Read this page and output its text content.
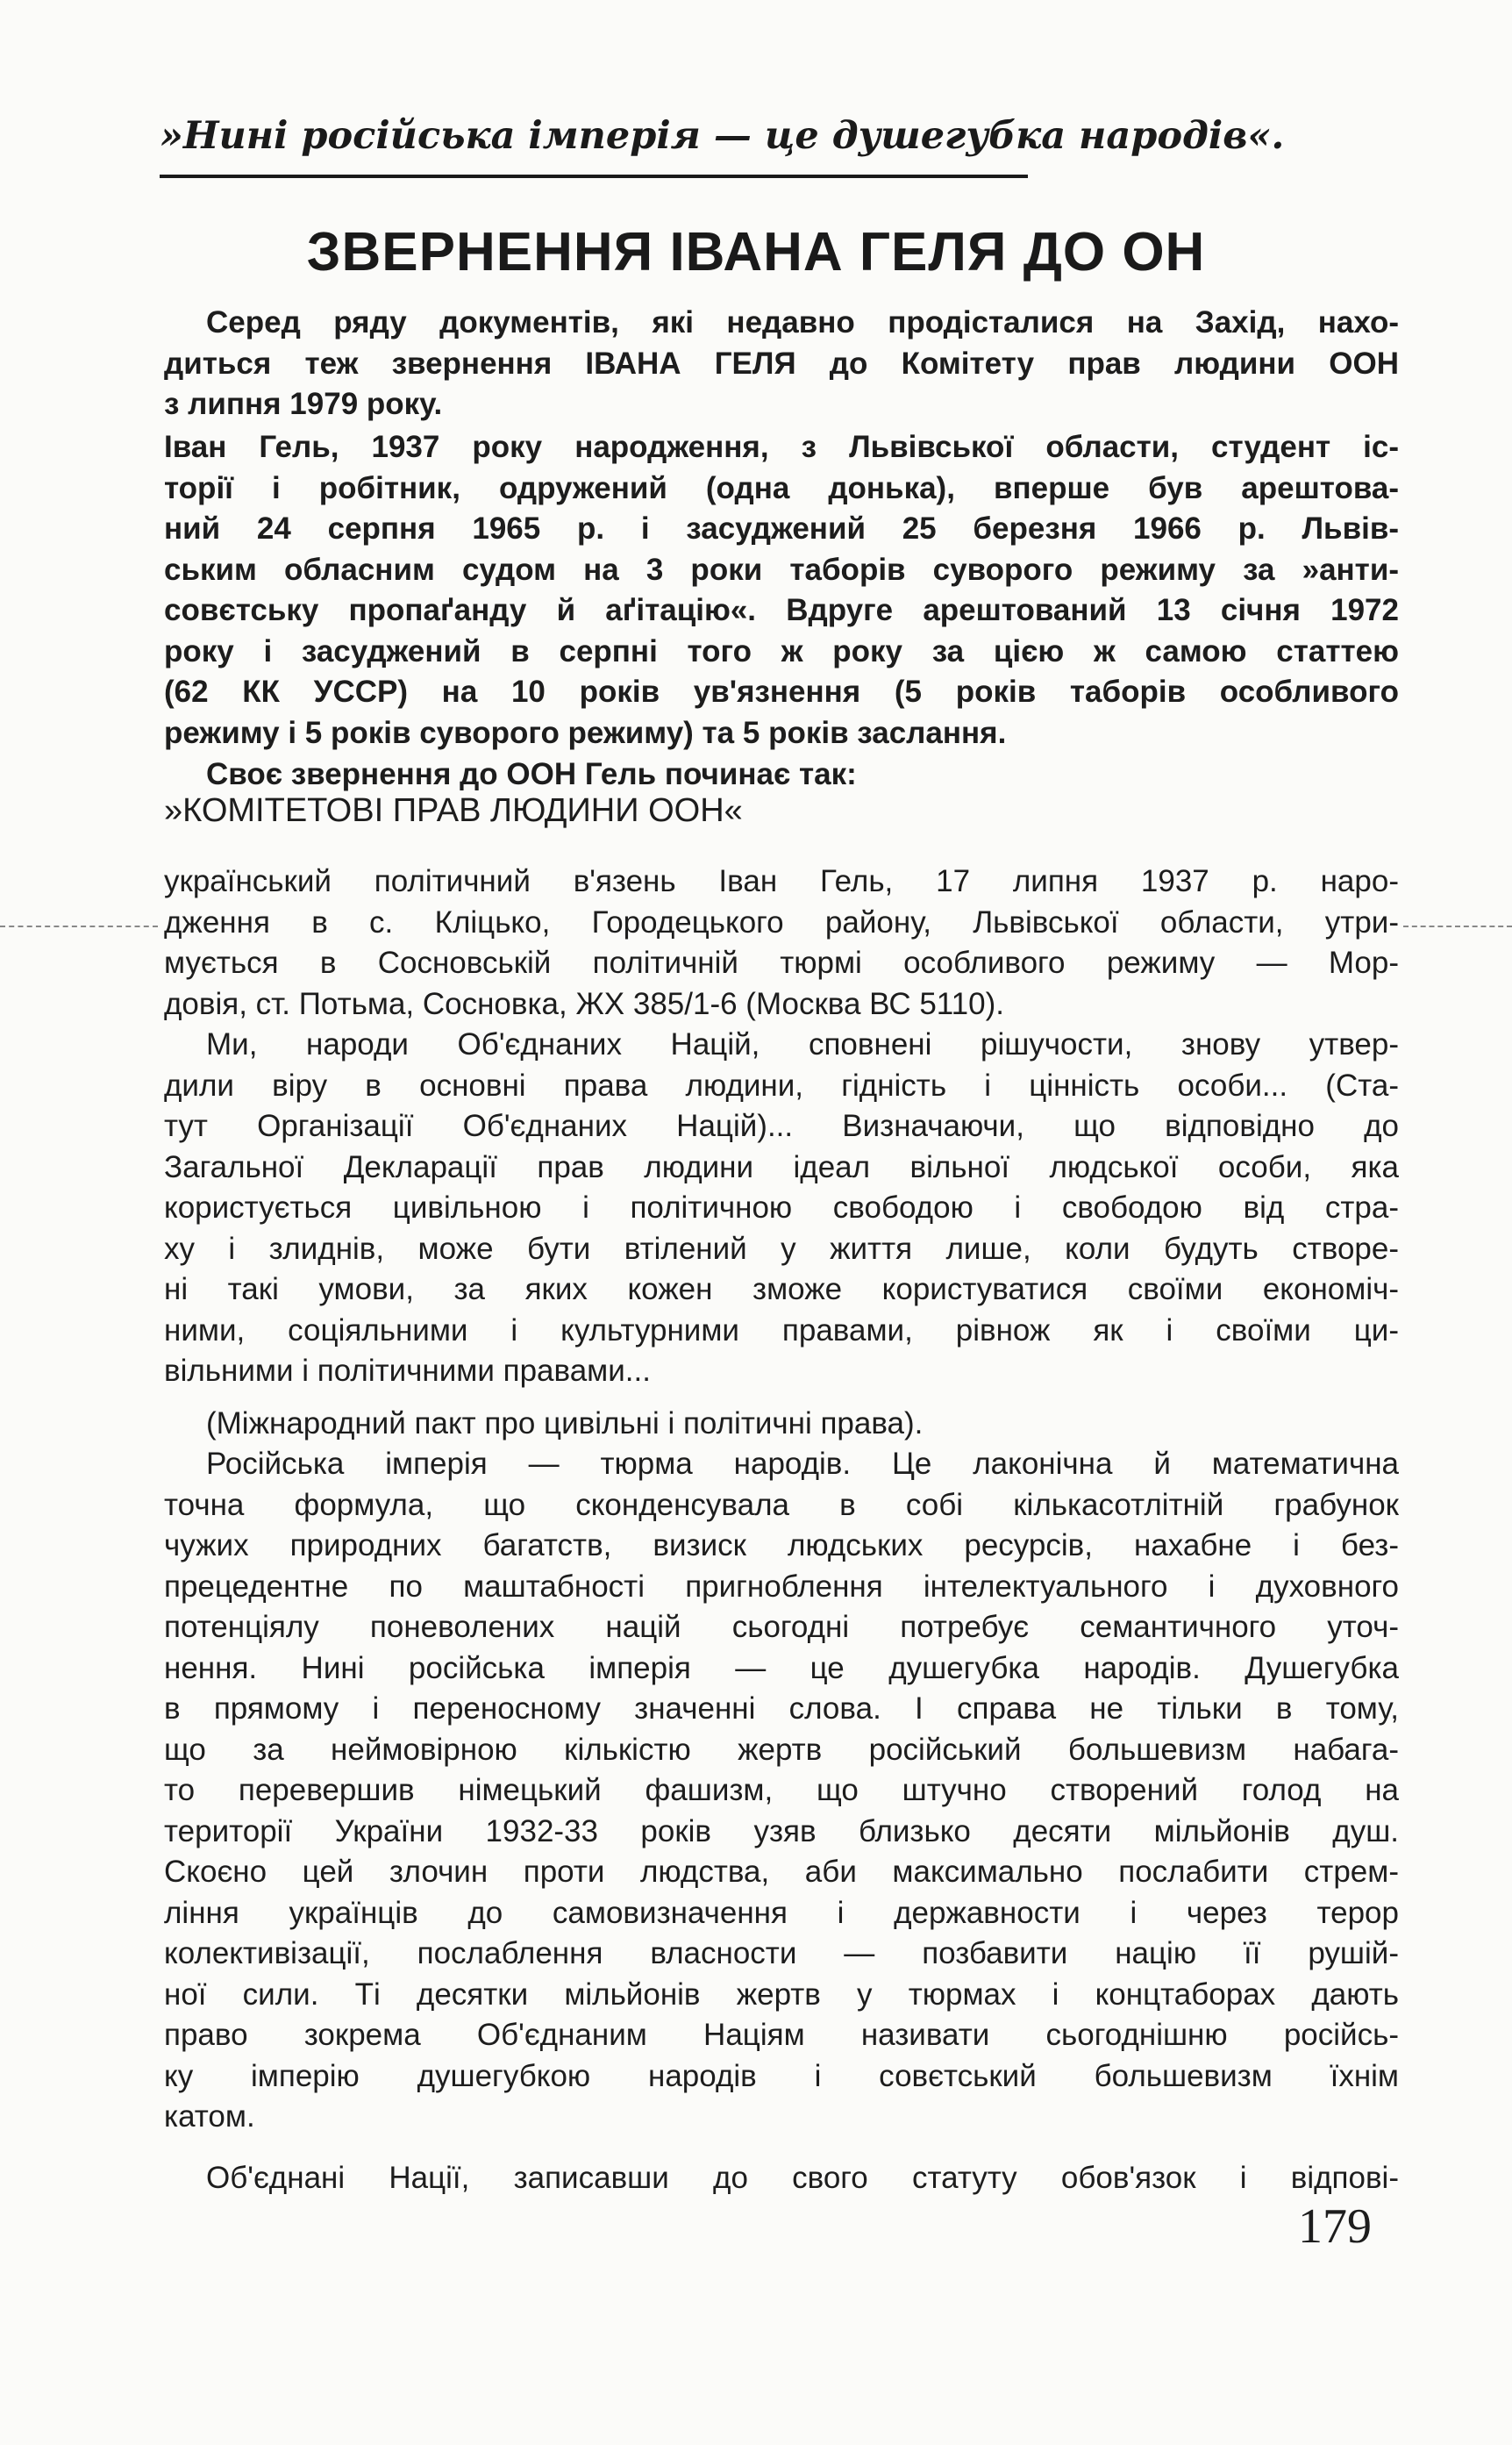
»Нині російська імперія — це душегубка народів«.
ЗВЕРНЕННЯ ІВАНА ГЕЛЯ ДО ОН
Серед ряду документів, які недавно продісталися на Захід, нахо-
диться теж звернення ІВАНА ГЕЛЯ до Комітету прав людини ООН
з липня 1979 року.
Іван Гель, 1937 року народження, з Львівської области, студент іс-
торії і робітник, одружений (одна донька), вперше був арештова-
ний 24 серпня 1965 р. і засуджений 25 березня 1966 р. Львів-
ським обласним судом на 3 роки таборів суворого режиму за »анти-
совєтську пропаґанду й аґітацію«. Вдруге арештований 13 січня 1972
року і засуджений в серпні того ж року за цією ж самою статтею
(62 КК УССР) на 10 років ув'язнення (5 років таборів особливого
режиму і 5 років суворого режиму) та 5 років заслання.
Своє звернення до ООН Гель починає так:
»КОМІТЕТОВІ ПРАВ ЛЮДИНИ ООН«
український політичний в'язень Іван Гель, 17 липня 1937 р. наро-
дження в с. Кліцько, Городецького району, Львівської области, утри-
мується в Сосновській політичній тюрмі особливого режиму — Мор-
довія, ст. Потьма, Сосновка, ЖХ 385/1-6 (Москва ВС 5110).
Ми, народи Об'єднаних Націй, сповнені рішучости, знову утвер-
дили віру в основні права людини, гідність і цінність особи... (Ста-
тут Організації Об'єднаних Націй)... Визначаючи, що відповідно до
Загальної Декларації прав людини ідеал вільної людської особи, яка
користується цивільною і політичною свободою і свободою від стра-
ху і злиднів, може бути втілений у життя лише, коли будуть створе-
ні такі умови, за яких кожен зможе користуватися своїми економіч-
ними, соціяльними і культурними правами, рівнож як і своїми ци-
вільними і політичними правами...
(Міжнародний пакт про цивільні і політичні права).
Російська імперія — тюрма народів. Це лаконічна й математична
точна формула, що сконденсувала в собі кількасотлітній грабунок
чужих природних багатств, визиск людських ресурсів, нахабне і без-
прецедентне по маштабності пригноблення інтелектуального і духовного
потенціялу поневолених націй сьогодні потребує семантичного уточ-
нення. Нині російська імперія — це душегубка народів. Душегубка
в прямому і переносному значенні слова. І справа не тільки в тому,
що за неймовірною кількістю жертв російський большевизм набага-
то перевершив німецький фашизм, що штучно створений голод на
території України 1932-33 років узяв близько десяти мільйонів душ.
Скоєно цей злочин проти людства, аби максимально послабити стрем-
ління українців до самовизначення і державности і через терор
колективізації, послаблення власности — позбавити націю її рушій-
ної сили. Ті десятки мільйонів жертв у тюрмах і концтаборах дають
право зокрема Об'єднаним Націям називати сьогоднішню російсь-
ку імперію душегубкою народів і совєтський большевизм їхнім
катом.
Об'єднані Нації, записавши до свого статуту обов'язок і відпові-
179
